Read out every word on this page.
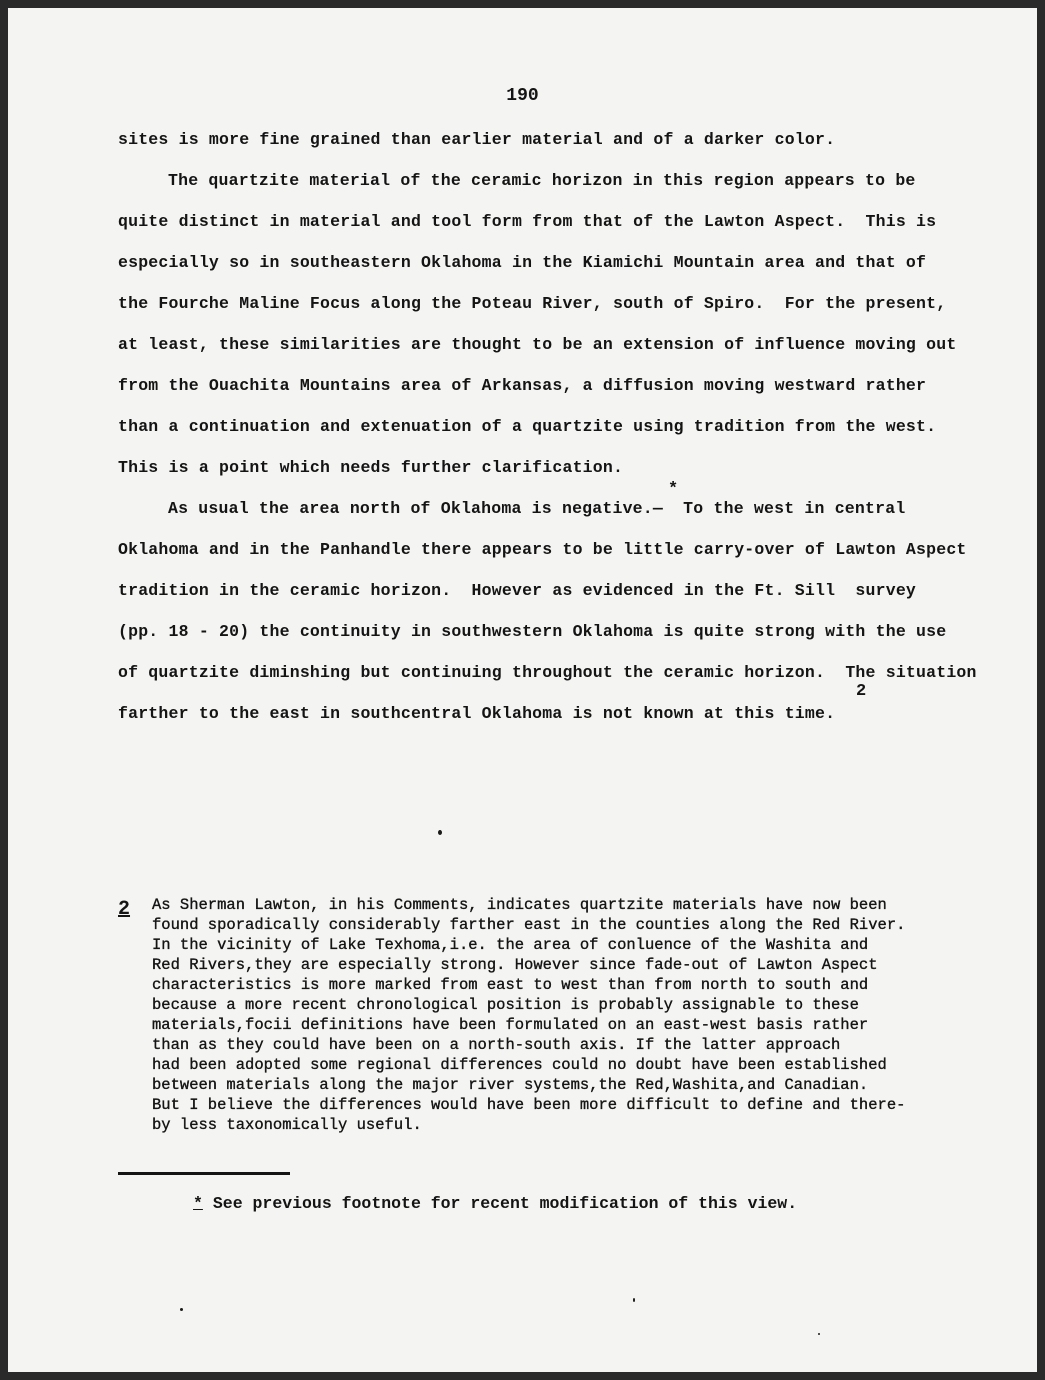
190
sites is more fine grained than earlier material and of a darker color.
The quartzite material of the ceramic horizon in this region appears to be
quite distinct in material and tool form from that of the Lawton Aspect.  This is
especially so in southeastern Oklahoma in the Kiamichi Mountain area and that of
the Fourche Maline Focus along the Poteau River, south of Spiro.  For the present,
at least, these similarities are thought to be an extension of influence moving out
from the Ouachita Mountains area of Arkansas, a diffusion moving westward rather
than a continuation and extenuation of a quartzite using tradition from the west.
This is a point which needs further clarification.
*
As usual the area north of Oklahoma is negative.—  To the west in central
Oklahoma and in the Panhandle there appears to be little carry-over of Lawton Aspect
tradition in the ceramic horizon.  However as evidenced in the Ft. Sill  survey
(pp. 18 - 20) the continuity in southwestern Oklahoma is quite strong with the use
of quartzite diminshing but continuing throughout the ceramic horizon.  The situation
2
farther to the east in southcentral Oklahoma is not known at this time.
2 As Sherman Lawton, in his Comments, indicates quartzite materials have now been
found sporadically considerably farther east in the counties along the Red River.
In the vicinity of Lake Texhoma,i.e. the area of conluence of the Washita and
Red Rivers,they are especially strong. However since fade-out of Lawton Aspect
characteristics is more marked from east to west than from north to south and
because a more recent chronological position is probably assignable to these
materials,focii definitions have been formulated on an east-west basis rather
than as they could have been on a north-south axis. If the latter approach
had been adopted some regional differences could no doubt have been established
between materials along the major river systems,the Red,Washita,and Canadian.
But I believe the differences would have been more difficult to define and there-
by less taxonomically useful.
* See previous footnote for recent modification of this view.
